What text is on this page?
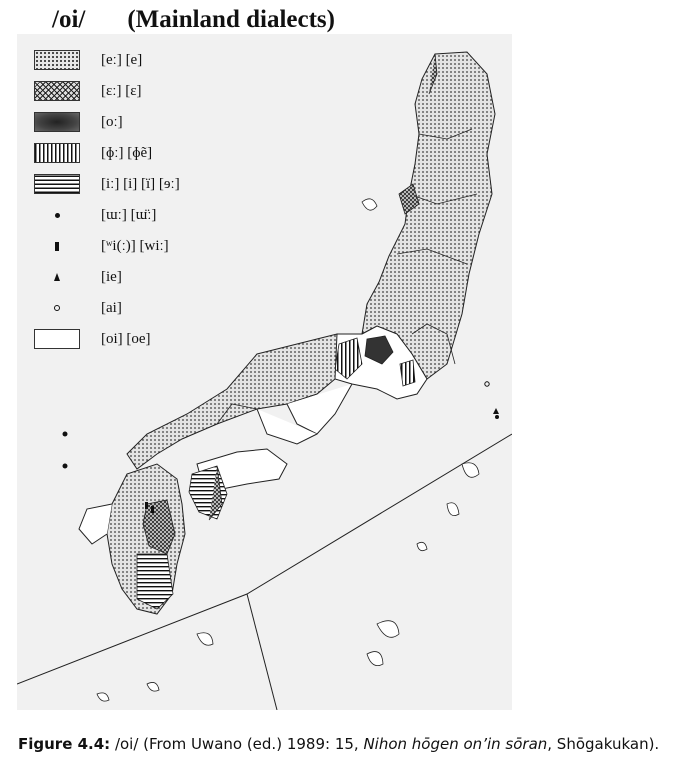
/oi/ (Mainland dialects)
[eː] [e]
[ɛː] [ɛ]
[oː]
[ɸː] [ɸẽ]
[iː] [i] [ï] [ɘː]
[ɯː] [ɯ̈ː]
[ʷi(ː)] [wiː]
[ie]
[ai]
[oi] [oe]
Figure 4.4: /oi/ (From Uwano (ed.) 1989: 15, Nihon hōgen on’in sōran, Shōgakukan).
